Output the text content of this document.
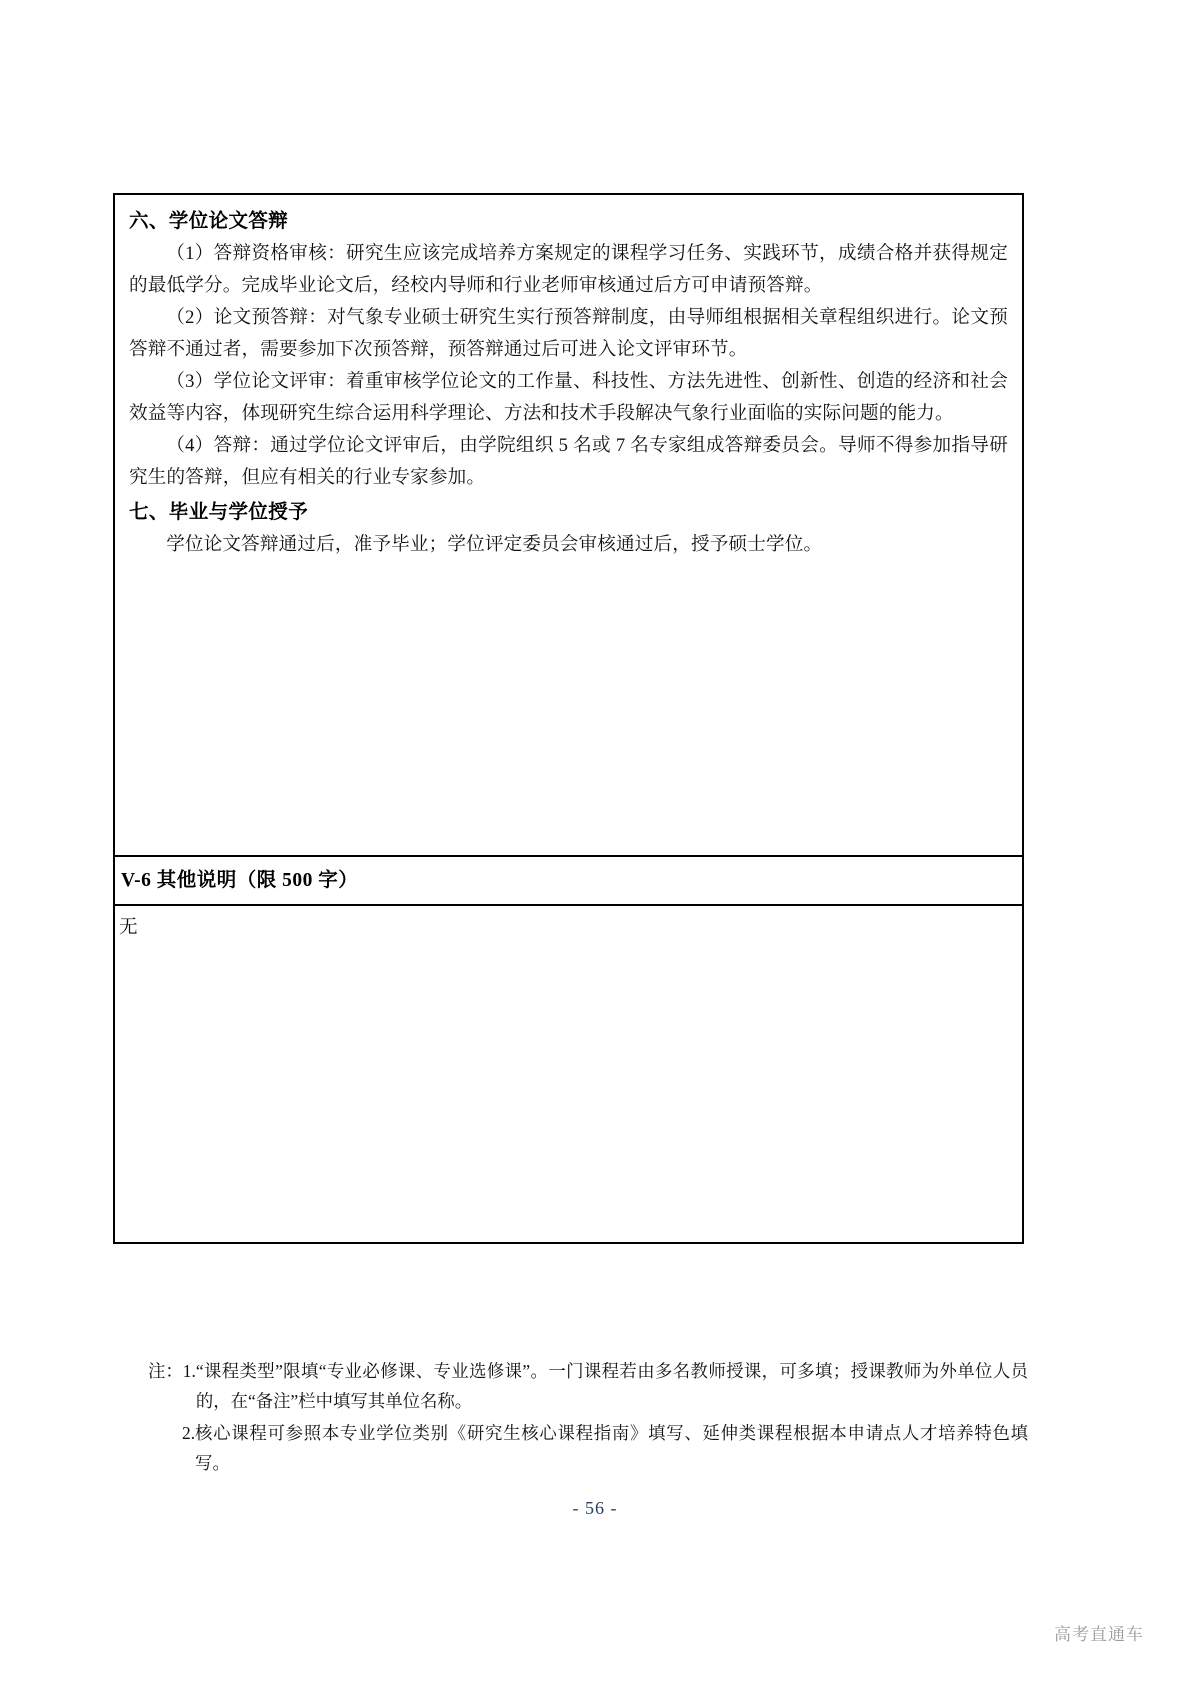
六、学位论文答辩

（1）答辩资格审核：研究生应该完成培养方案规定的课程学习任务、实践环节，成绩合格并获得规定的最低学分。完成毕业论文后，经校内导师和行业老师审核通过后方可申请预答辩。

（2）论文预答辩：对气象专业硕士研究生实行预答辩制度，由导师组根据相关章程组织进行。论文预答辩不通过者，需要参加下次预答辩，预答辩通过后可进入论文评审环节。

（3）学位论文评审：着重审核学位论文的工作量、科技性、方法先进性、创新性、创造的经济和社会效益等内容，体现研究生综合运用科学理论、方法和技术手段解决气象行业面临的实际问题的能力。

（4）答辩：通过学位论文评审后，由学院组织 5 名或 7 名专家组成答辩委员会。导师不得参加指导研究生的答辩，但应有相关的行业专家参加。

七、毕业与学位授予

学位论文答辩通过后，准予毕业；学位评定委员会审核通过后，授予硕士学位。

V-6 其他说明（限 500 字）
无
注： 1. “课程类型”限填“专业必修课、专业选修课”。一门课程若由多名教师授课，可多填；授课教师为外单位人员的，在“备注”栏中填写其单位名称。
2. 核心课程可参照本专业学位类别《研究生核心课程指南》填写、延伸类课程根据本申请点人才培养特色填写。
- 56 -
高考直通车
